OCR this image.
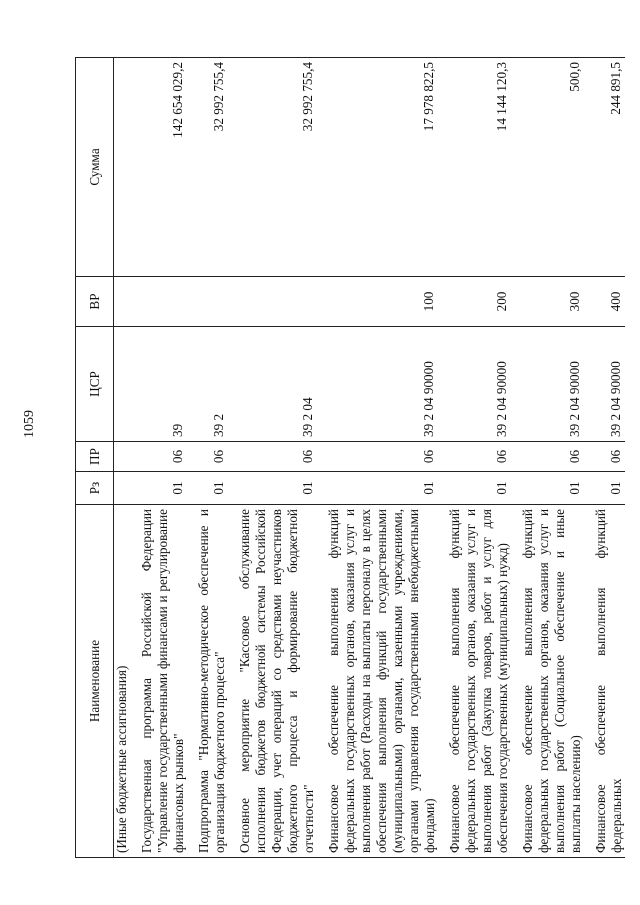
1059
Наименование	Рз	ПР	ЦСР	ВР	Сумма
(Иные бюджетные ассигнования)					

Государственная программа Российской Федерации "Управление государственными финансами и регулирование финансовых рынков"	01	06	39		142 654 029,2

Подпрограмма "Нормативно-методическое обеспечение и организация бюджетного процесса"	01	06	39 2		32 992 755,4

Основное мероприятие "Кассовое обслуживание исполнения бюджетов бюджетной системы Российской Федерации, учет операций со средствами неучастников бюджетного процесса и формирование бюджетной отчетности"	01	06	39 2 04		32 992 755,4

Финансовое обеспечение выполнения функций федеральных государственных органов, оказания услуг и выполнения работ (Расходы на выплаты персоналу в целях обеспечения выполнения функций государственными (муниципальными) органами, казенными учреждениями, органами управления государственными внебюджетными фондами)	01	06	39 2 04 90000	100	17 978 822,5

Финансовое обеспечение выполнения функций федеральных государственных органов, оказания услуг и выполнения работ (Закупка товаров, работ и услуг для обеспечения государственных (муниципальных) нужд)	01	06	39 2 04 90000	200	14 144 120,3

Финансовое обеспечение выполнения функций федеральных государственных органов, оказания услуг и выполнения работ (Социальное обеспечение и иные выплаты населению)	01	06	39 2 04 90000	300	500,0

Финансовое обеспечение выполнения функций федеральных	01	06	39 2 04 90000	400	244 891,5
